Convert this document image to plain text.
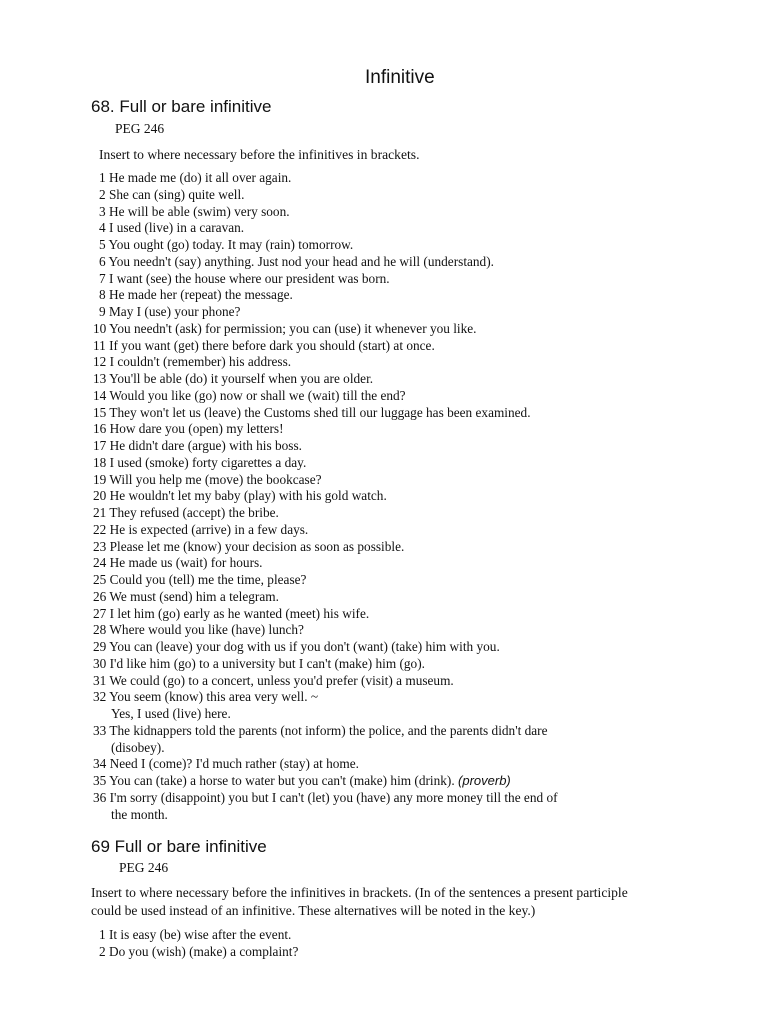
Infinitive
68. Full or bare infinitive
PEG 246
Insert to where necessary before the infinitives in brackets.
1 He made me (do) it all over again.
2 She can (sing) quite well.
3 He will be able (swim) very soon.
4 I used (live) in a caravan.
5 You ought (go) today. It may (rain) tomorrow.
6 You needn't (say) anything. Just nod your head and he will (understand).
7 I want (see) the house where our president was born.
8 He made her (repeat) the message.
9 May I (use) your phone?
10 You needn't (ask) for permission; you can (use) it whenever you like.
11 If you want (get) there before dark you should (start) at once.
12 I couldn't (remember) his address.
13 You'll be able (do) it yourself when you are older.
14 Would you like (go) now or shall we (wait) till the end?
15 They won't let us (leave) the Customs shed till our luggage has been examined.
16 How dare you (open) my letters!
17 He didn't dare (argue) with his boss.
18 I used (smoke) forty cigarettes a day.
19 Will you help me (move) the bookcase?
20 He wouldn't let my baby (play) with his gold watch.
21 They refused (accept) the bribe.
22 He is expected (arrive) in a few days.
23 Please let me (know) your decision as soon as possible.
24 He made us (wait) for hours.
25 Could you (tell) me the time, please?
26 We must (send) him a telegram.
27 I let him (go) early as he wanted (meet) his wife.
28 Where would you like (have) lunch?
29 You can (leave) your dog with us if you don't (want) (take) him with you.
30 I'd like him (go) to a university but I can't (make) him (go).
31 We could (go) to a concert, unless you'd prefer (visit) a museum.
32 You seem (know) this area very well. ~
Yes, I used (live) here.
33 The kidnappers told the parents (not inform) the police, and the parents didn't dare
(disobey).
34 Need I (come)? I'd much rather (stay) at home.
35 You can (take) a horse to water but you can't (make) him (drink). (proverb)
36 I'm sorry (disappoint) you but I can't (let) you (have) any more money till the end of
the month.
69 Full or bare infinitive
PEG 246
Insert to where necessary before the infinitives in brackets. (In of the sentences a present participle
could be used instead of an infinitive. These alternatives will be noted in the key.)
1 It is easy (be) wise after the event.
2 Do you (wish) (make) a complaint?
